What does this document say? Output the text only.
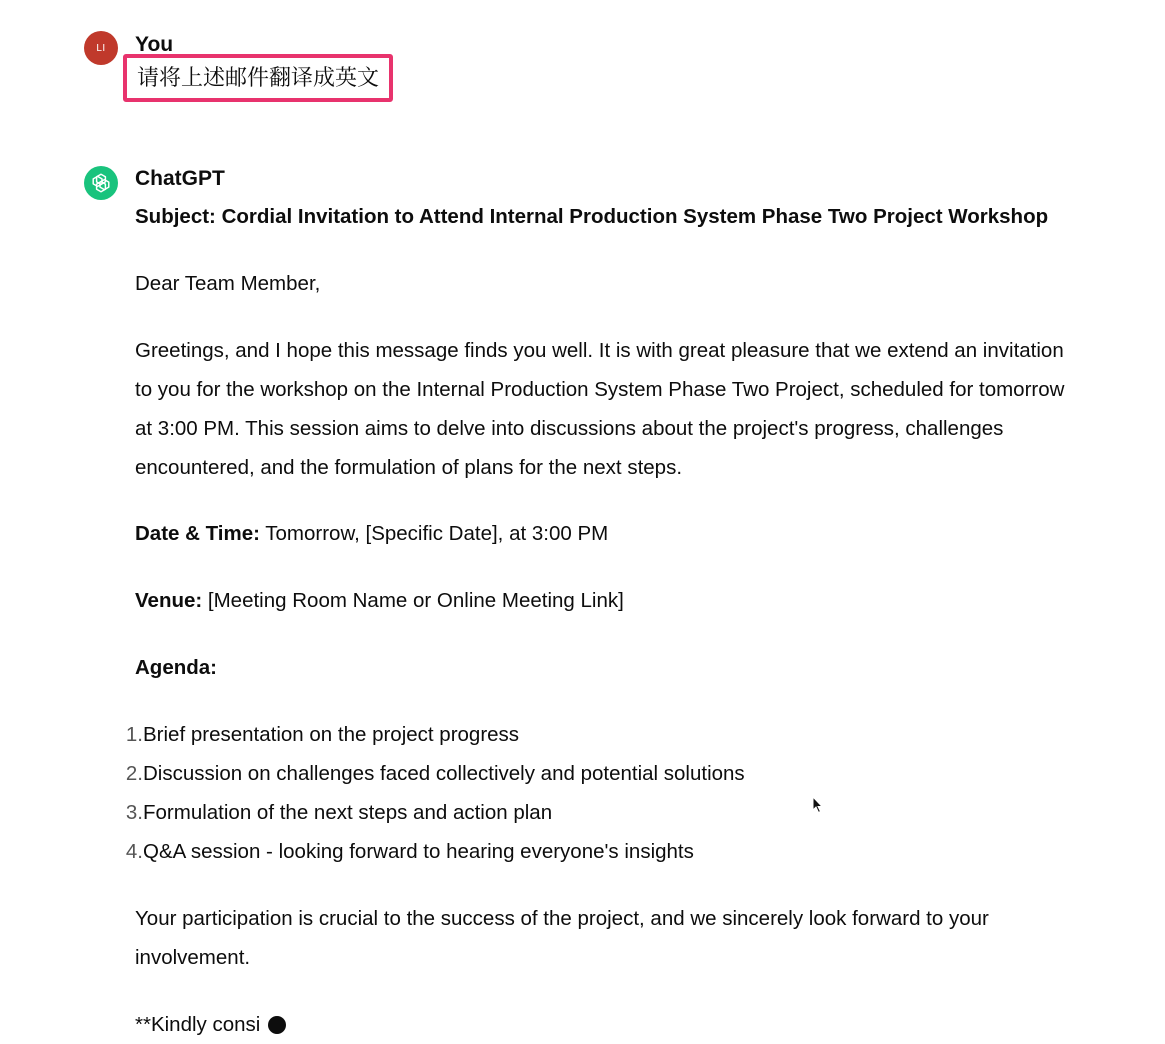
LI You
请将上述邮件翻译成英文
ChatGPT
Subject: Cordial Invitation to Attend Internal Production System Phase Two Project Workshop
Dear Team Member,
Greetings, and I hope this message finds you well. It is with great pleasure that we extend an invitation to you for the workshop on the Internal Production System Phase Two Project, scheduled for tomorrow at 3:00 PM. This session aims to delve into discussions about the project's progress, challenges encountered, and the formulation of plans for the next steps.
Date & Time: Tomorrow, [Specific Date], at 3:00 PM
Venue: [Meeting Room Name or Online Meeting Link]
Agenda:
1. Brief presentation on the project progress
2. Discussion on challenges faced collectively and potential solutions
3. Formulation of the next steps and action plan
4. Q&A session - looking forward to hearing everyone's insights
Your participation is crucial to the success of the project, and we sincerely look forward to your involvement.
**Kindly consi
